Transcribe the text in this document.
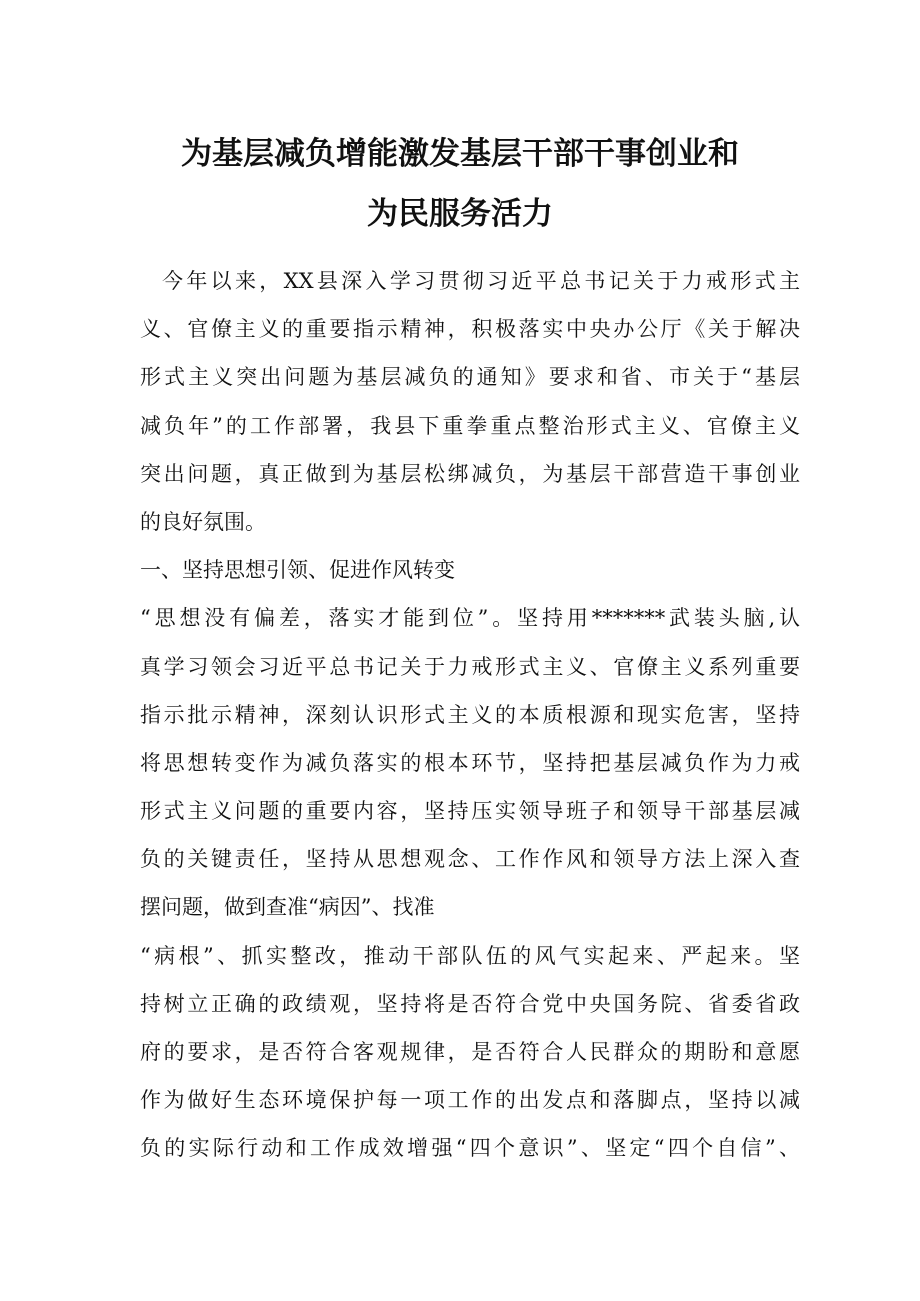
为基层减负增能激发基层干部干事创业和
为民服务活力
今年以来，XX县深入学习贯彻习近平总书记关于力戒形式主
义、官僚主义的重要指示精神，积极落实中央办公厅《关于解决
形式主义突出问题为基层减负的通知》要求和省、市关于“基层
减负年”的工作部署，我县下重拳重点整治形式主义、官僚主义
突出问题，真正做到为基层松绑减负，为基层干部营造干事创业
的良好氛围。
一、坚持思想引领、促进作风转变
“思想没有偏差，落实才能到位”。坚持用*******武装头脑,认
真学习领会习近平总书记关于力戒形式主义、官僚主义系列重要
指示批示精神，深刻认识形式主义的本质根源和现实危害，坚持
将思想转变作为减负落实的根本环节，坚持把基层减负作为力戒
形式主义问题的重要内容，坚持压实领导班子和领导干部基层减
负的关键责任，坚持从思想观念、工作作风和领导方法上深入查
摆问题，做到查准“病因”、找准
“病根”、抓实整改，推动干部队伍的风气实起来、严起来。坚
持树立正确的政绩观，坚持将是否符合党中央国务院、省委省政
府的要求，是否符合客观规律，是否符合人民群众的期盼和意愿
作为做好生态环境保护每一项工作的出发点和落脚点，坚持以减
负的实际行动和工作成效增强“四个意识”、坚定“四个自信”、
